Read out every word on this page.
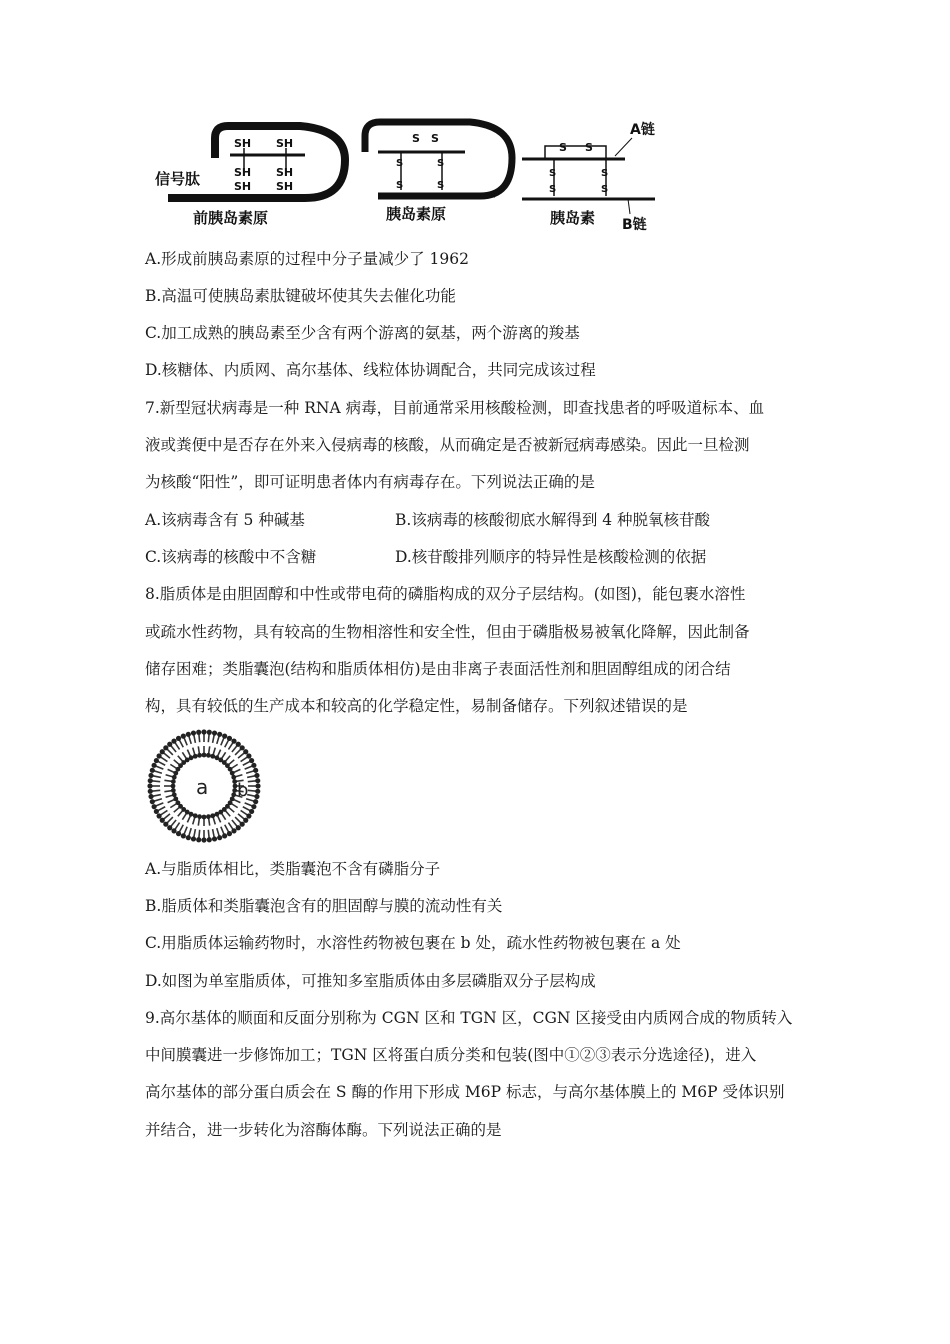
SH SH
SH SH
SH SH
信号肽
前胰岛素原
S S
S	S
S	S
胰岛素原
S S
S	S
S	S
胰岛素
A链
B链
A.形成前胰岛素原的过程中分子量减少了 1962
B.高温可使胰岛素肽键破坏使其失去催化功能
C.加工成熟的胰岛素至少含有两个游离的氨基，两个游离的羧基
D.核糖体、内质网、高尔基体、线粒体协调配合，共同完成该过程
7.新型冠状病毒是一种 RNA 病毒，目前通常采用核酸检测，即查找患者的呼吸道标本、血
液或粪便中是否存在外来入侵病毒的核酸，从而确定是否被新冠病毒感染。因此一旦检测
为核酸“阳性”，即可证明患者体内有病毒存在。下列说法正确的是
A.该病毒含有 5 种碱基	B.该病毒的核酸彻底水解得到 4 种脱氧核苷酸
C.该病毒的核酸中不含糖	D.核苷酸排列顺序的特异性是核酸检测的依据
8.脂质体是由胆固醇和中性或带电荷的磷脂构成的双分子层结构。(如图)，能包裹水溶性
或疏水性药物，具有较高的生物相溶性和安全性，但由于磷脂极易被氧化降解，因此制备
储存困难；类脂囊泡(结构和脂质体相仿)是由非离子表面活性剂和胆固醇组成的闭合结
构，具有较低的生产成本和较高的化学稳定性，易制备储存。下列叙述错误的是
a b
A.与脂质体相比，类脂囊泡不含有磷脂分子
B.脂质体和类脂囊泡含有的胆固醇与膜的流动性有关
C.用脂质体运输药物时，水溶性药物被包裹在 b 处，疏水性药物被包裹在 a 处
D.如图为单室脂质体，可推知多室脂质体由多层磷脂双分子层构成
9.高尔基体的顺面和反面分别称为 CGN 区和 TGN 区，CGN 区接受由内质网合成的物质转入
中间膜囊进一步修饰加工；TGN 区将蛋白质分类和包装(图中①②③表示分选途径)，进入
高尔基体的部分蛋白质会在 S 酶的作用下形成 M6P 标志，与高尔基体膜上的 M6P 受体识别
并结合，进一步转化为溶酶体酶。下列说法正确的是
